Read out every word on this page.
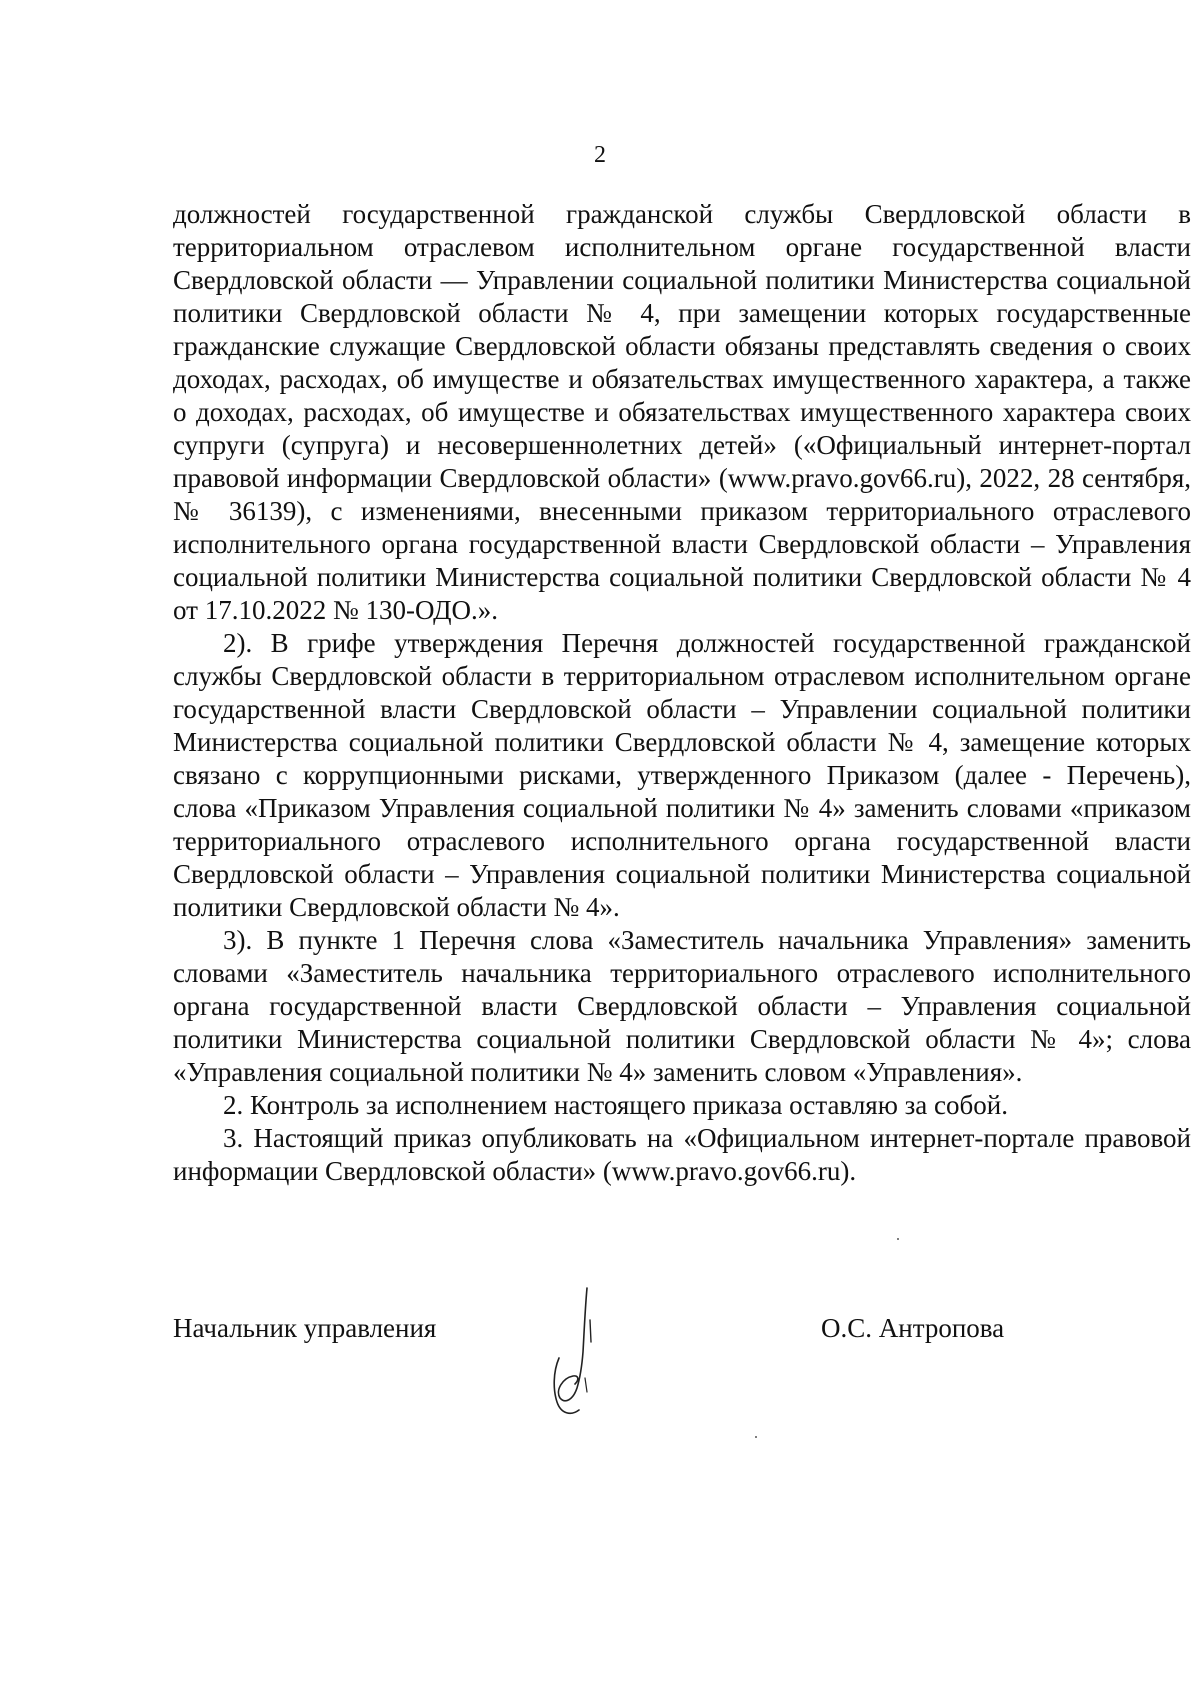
2

должностей государственной гражданской службы Свердловской области в территориальном отраслевом исполнительном органе государственной власти Свердловской области — Управлении социальной политики Министерства социальной политики Свердловской области № 4, при замещении которых государственные гражданские служащие Свердловской области обязаны представлять сведения о своих доходах, расходах, об имуществе и обязательствах имущественного характера, а также о доходах, расходах, об имуществе и обязательствах имущественного характера своих супруги (супруга) и несовершеннолетних детей» («Официальный интернет-портал правовой информации Свердловской области» (www.pravo.gov66.ru), 2022, 28 сентября, № 36139), с изменениями, внесенными приказом территориального отраслевого исполнительного органа государственной власти Свердловской области – Управления социальной политики Министерства социальной политики Свердловской области № 4 от 17.10.2022 № 130-ОДО.».

2). В грифе утверждения Перечня должностей государственной гражданской службы Свердловской области в территориальном отраслевом исполнительном органе государственной власти Свердловской области – Управлении социальной политики Министерства социальной политики Свердловской области № 4, замещение которых связано с коррупционными рисками, утвержденного Приказом (далее - Перечень), слова «Приказом Управления социальной политики № 4» заменить словами «приказом территориального отраслевого исполнительного органа государственной власти Свердловской области – Управления социальной политики Министерства социальной политики Свердловской области № 4».

3). В пункте 1 Перечня слова «Заместитель начальника Управления» заменить словами «Заместитель начальника территориального отраслевого исполнительного органа государственной власти Свердловской области – Управления социальной политики Министерства социальной политики Свердловской области № 4»; слова «Управления социальной политики № 4» заменить словом «Управления».

2. Контроль за исполнением настоящего приказа оставляю за собой.

3. Настоящий приказ опубликовать на «Официальном интернет-портале правовой информации Свердловской области» (www.pravo.gov66.ru).

Начальник управления	О.С. Антропова
